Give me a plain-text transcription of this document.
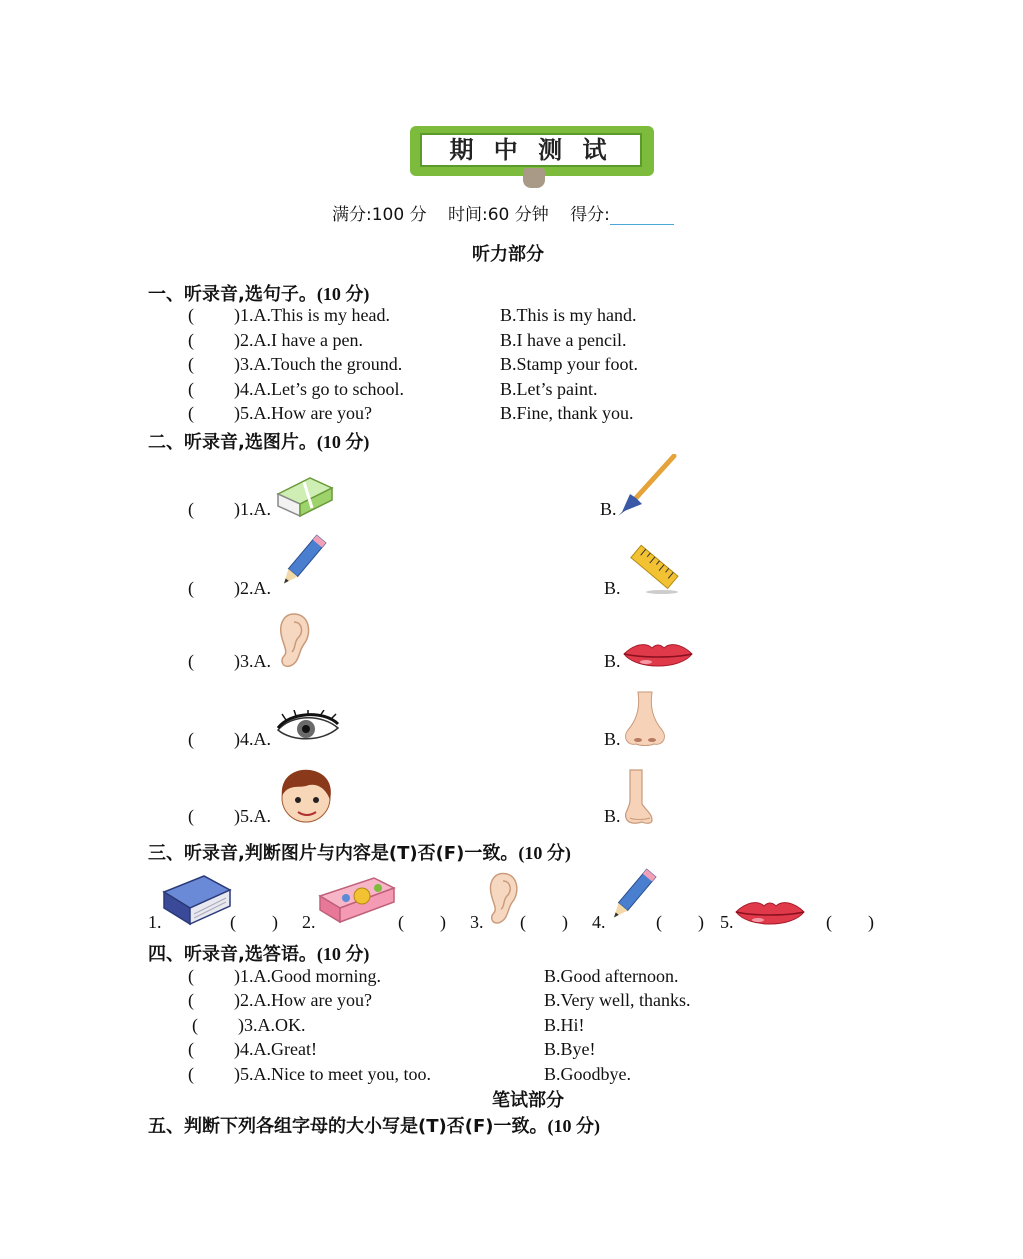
期 中 测 试
满分:100 分 时间:60 分钟 得分:
听力部分
一、听录音,选句子。(10 分)
( )1.A.This is my head.	B.This is my hand.
( )2.A.I have a pen.	B.I have a pencil.
( )3.A.Touch the ground.	B.Stamp your foot.
( )4.A.Let’s go to school.	B.Let’s paint.
( )5.A.How are you?	B.Fine, thank you.
二、听录音,选图片。(10 分)
( )1.A.	B.
( )2.A.	B.
( )3.A.	B.
( )4.A.	B.
( )5.A.	B.
三、听录音,判断图片与内容是(T)否(F)一致。(10 分)
1.	( ) 2.	( ) 3. ( ) 4.	( ) 5.	( )
四、听录音,选答语。(10 分)
( )1.A.Good morning.	B.Good afternoon.
( )2.A.How are you?	B.Very well, thanks.
( )3.A.OK.	B.Hi!
( )4.A.Great!	B.Bye!
( )5.A.Nice to meet you, too.	B.Goodbye.
笔试部分
五、判断下列各组字母的大小写是(T)否(F)一致。(10 分)
